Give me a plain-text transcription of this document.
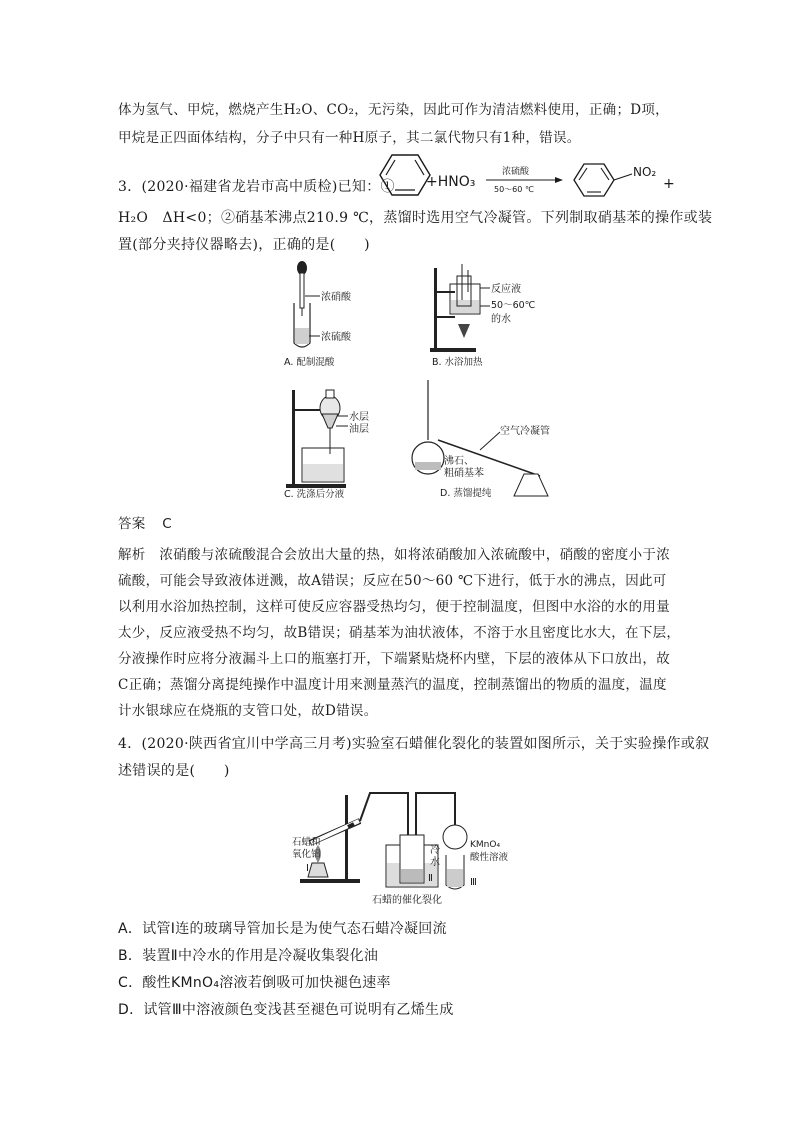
体为氢气、甲烷，燃烧产生H₂O、CO₂，无污染，因此可作为清洁燃料使用，正确；D项，
甲烷是正四面体结构，分子中只有一种H原子，其二氯代物只有1种，错误。
3．(2020·福建省龙岩市高中质检)已知：① +HNO₃
浓硫酸
50～60 ℃
NO₂
+
H₂O　ΔH<0；②硝基苯沸点210.9 ℃，蒸馏时选用空气冷凝管。下列制取硝基苯的操作或装
置(部分夹持仪器略去)，正确的是(　　)
浓硝酸
浓硫酸
A. 配制混酸
反应液
50～60℃
的水
B. 水浴加热
水层
油层
C. 洗涤后分液
空气冷凝管
沸石、
粗硝基苯
D. 蒸馏提纯
答案 C
解析　浓硝酸与浓硫酸混合会放出大量的热，如将浓硝酸加入浓硫酸中，硝酸的密度小于浓
硫酸，可能会导致液体迸溅，故A错误；反应在50～60 ℃下进行，低于水的沸点，因此可
以利用水浴加热控制，这样可使反应容器受热均匀，便于控制温度，但图中水浴的水的用量
太少，反应液受热不均匀，故B错误；硝基苯为油状液体，不溶于水且密度比水大，在下层，
分液操作时应将分液漏斗上口的瓶塞打开，下端紧贴烧杯内壁，下层的液体从下口放出，故
C正确；蒸馏分离提纯操作中温度计用来测量蒸汽的温度，控制蒸馏出的物质的温度，温度
计水银球应在烧瓶的支管口处，故D错误。
4．(2020·陕西省宜川中学高三月考)实验室石蜡催化裂化的装置如图所示，关于实验操作或叙
述错误的是(　　)
石蜡和
氧化铝
Ⅰ
冷
水
Ⅱ
KMnO₄
酸性溶液
Ⅲ
石蜡的催化裂化
A．试管Ⅰ连的玻璃导管加长是为使气态石蜡冷凝回流
B．装置Ⅱ中冷水的作用是冷凝收集裂化油
C．酸性KMnO₄溶液若倒吸可加快褪色速率
D．试管Ⅲ中溶液颜色变浅甚至褪色可说明有乙烯生成
